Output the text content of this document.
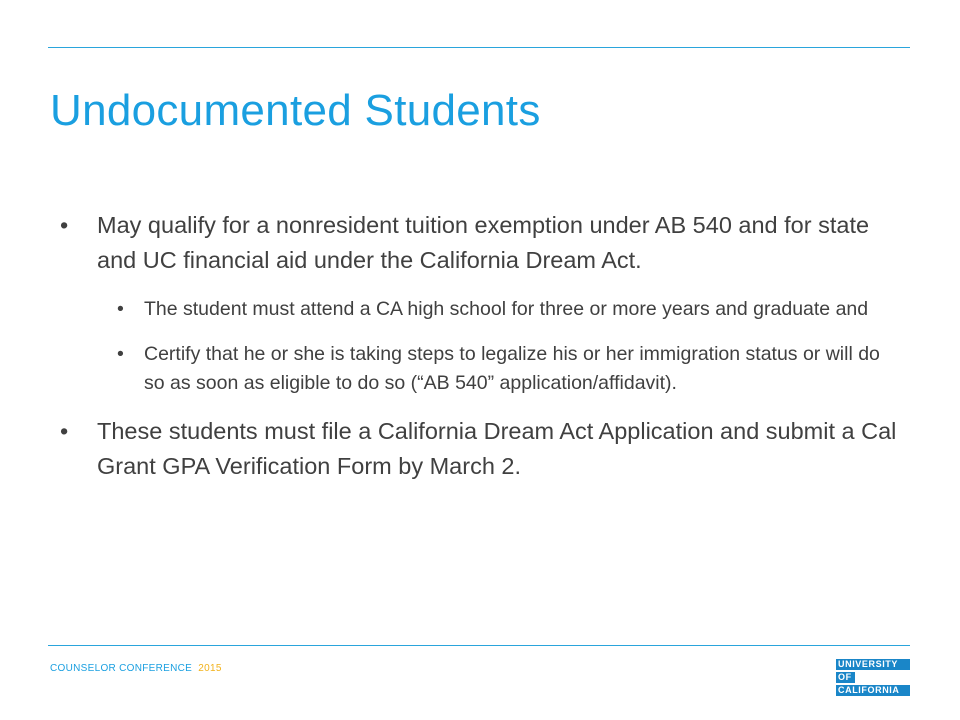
Undocumented Students
•	May qualify for a nonresident tuition exemption under AB 540 and for state and UC financial aid under the California Dream Act.
• The student must attend a CA high school for three or more years and graduate and
• Certify that he or she is taking steps to legalize his or her immigration status or will do so as soon as eligible to do so (“AB 540” application/affidavit).
•	These students must file a California Dream Act Application and submit a Cal Grant GPA Verification Form by March 2.
COUNSELOR CONFERENCE 2015	UNIVERSITY
OF
CALIFORNIA
